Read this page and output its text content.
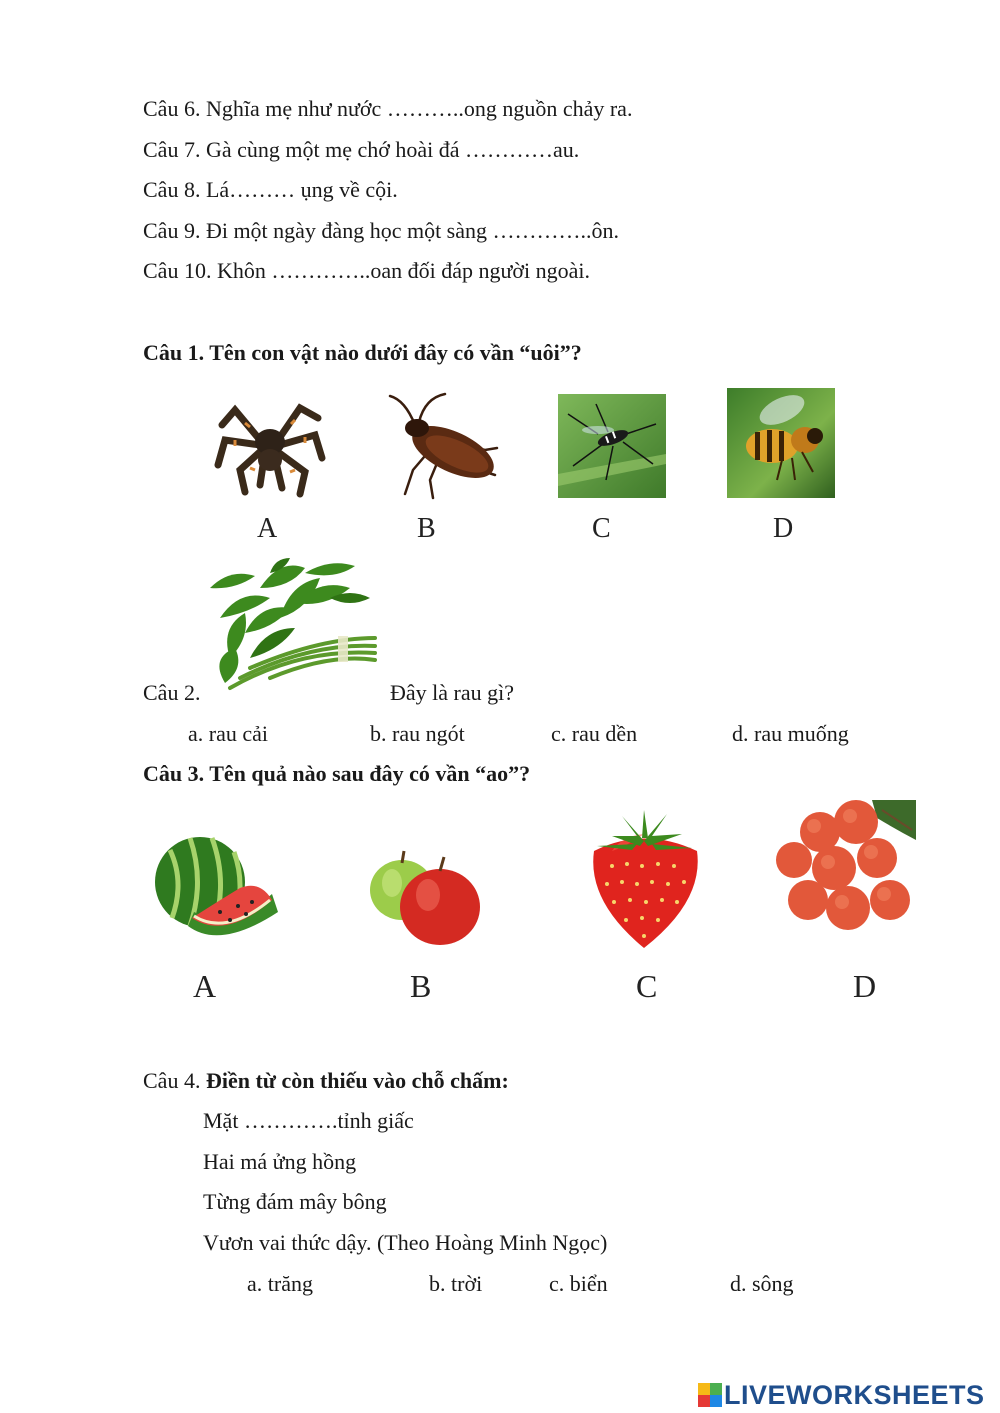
Câu 6. Nghĩa mẹ như nước ………..ong nguồn chảy ra.
Câu 7. Gà cùng một mẹ chớ hoài đá …………au.
Câu 8. Lá……… ụng về cội.
Câu 9. Đi một ngày đàng học một sàng …………..ôn.
Câu 10. Khôn …………..oan đối đáp người ngoài.
Câu 1. Tên con vật nào dưới đây có vần “uôi”?
A	B	C	D
Câu 2.	Đây là rau gì?
a. rau cải	b. rau ngót	c. rau dền	d. rau muống
Câu 3. Tên quả nào sau đây có vần “ao”?
A	B	C	D
Câu 4. Điền từ còn thiếu vào chỗ chấm:
Mặt ………….tỉnh giấc
Hai má ửng hồng
Từng đám mây bông
Vươn vai thức dậy. (Theo Hoàng Minh Ngọc)
a. trăng	b. trời	c. biển	d. sông
LIVEWORKSHEETS
